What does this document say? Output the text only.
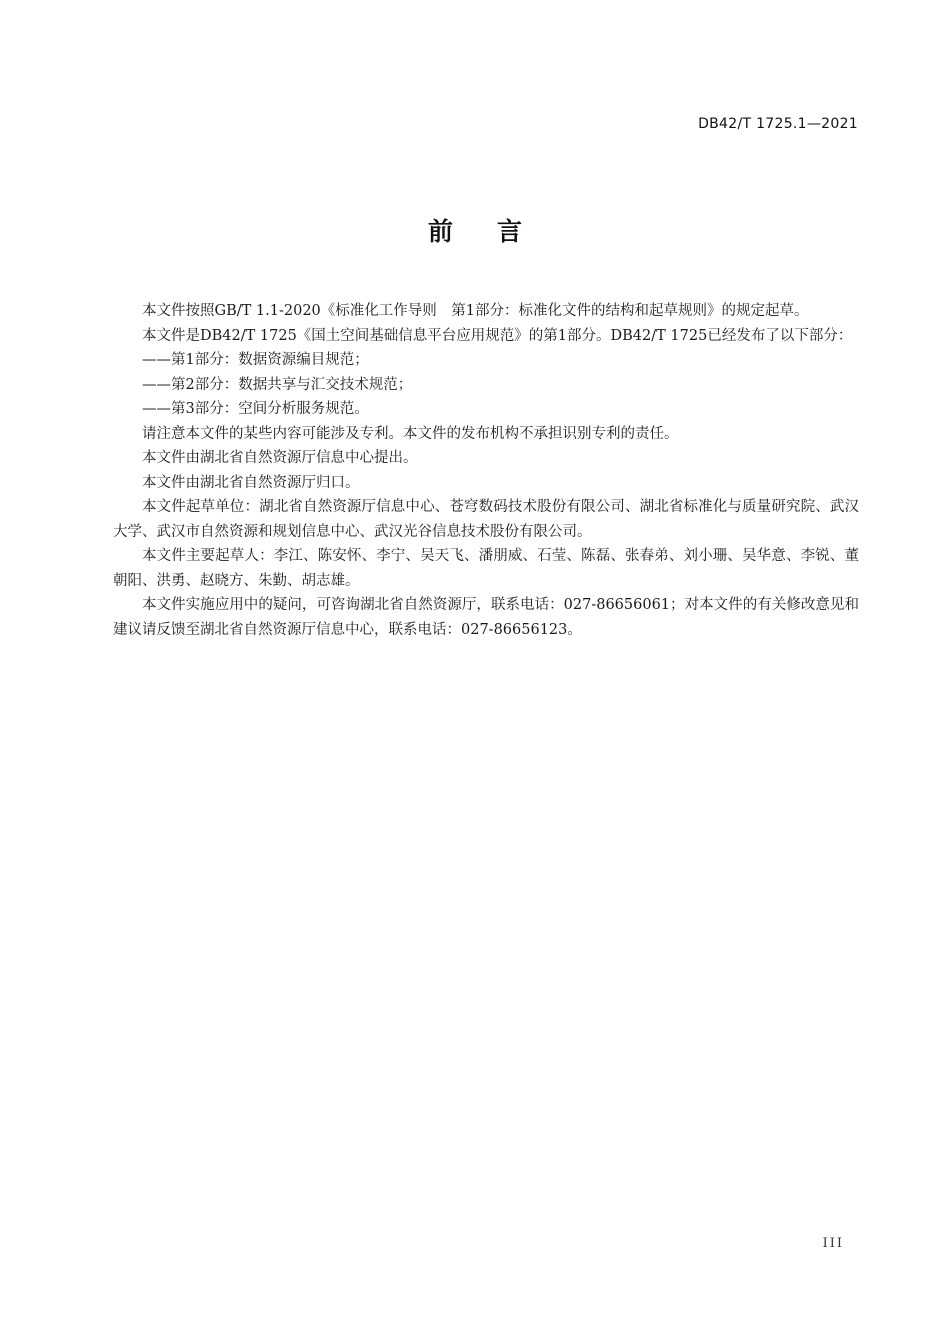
DB42/T 1725.1—2021
前言

本文件按照GB/T 1.1-2020《标准化工作导则　第1部分：标准化文件的结构和起草规则》的规定起草。

本文件是DB42/T 1725《国土空间基础信息平台应用规范》的第1部分。DB42/T 1725已经发布了以下部分：

——第1部分：数据资源编目规范；

——第2部分：数据共享与汇交技术规范；

——第3部分：空间分析服务规范。

请注意本文件的某些内容可能涉及专利。本文件的发布机构不承担识别专利的责任。

本文件由湖北省自然资源厅信息中心提出。

本文件由湖北省自然资源厅归口。

本文件起草单位：湖北省自然资源厅信息中心、苍穹数码技术股份有限公司、湖北省标准化与质量研究院、武汉大学、武汉市自然资源和规划信息中心、武汉光谷信息技术股份有限公司。

本文件主要起草人：李江、陈安怀、李宁、吴天飞、潘朋威、石莹、陈磊、张春弟、刘小珊、吴华意、李锐、董朝阳、洪勇、赵晓方、朱勤、胡志雄。

本文件实施应用中的疑问，可咨询湖北省自然资源厅，联系电话：027-86656061；对本文件的有关修改意见和建议请反馈至湖北省自然资源厅信息中心，联系电话：027-86656123。

III
